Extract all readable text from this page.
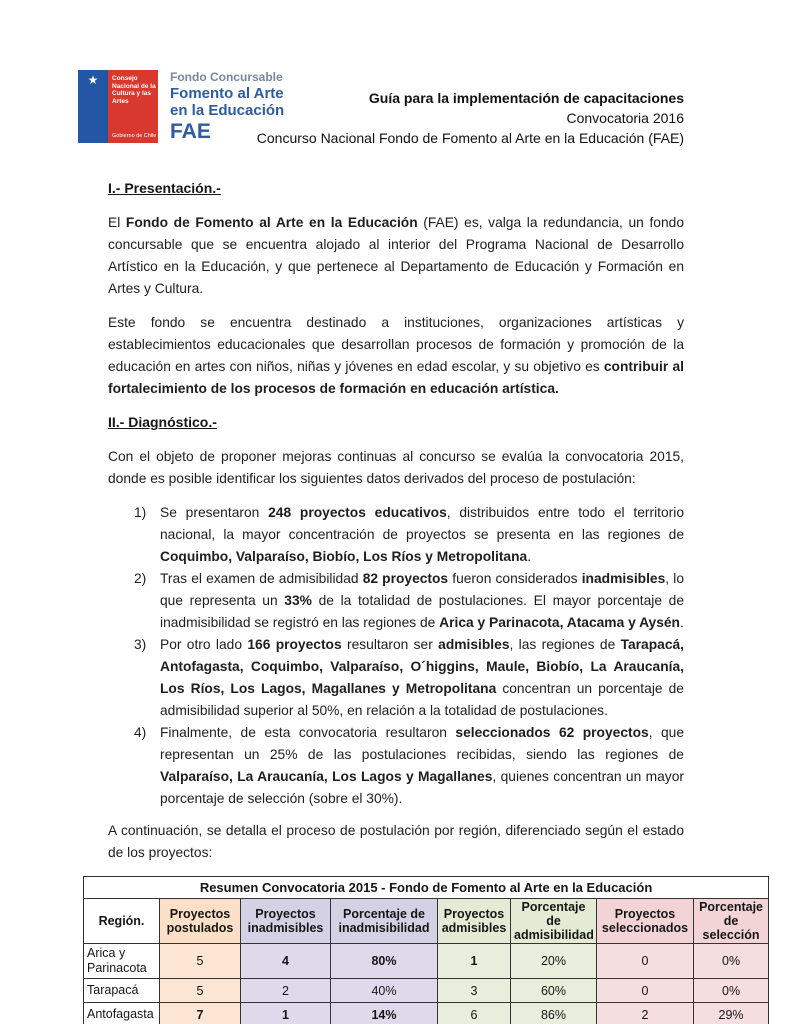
★	Consejo Nacional de la Cultura y las Artes
Gobierno de Chile
Fondo Concursable
Fomento al Arte
en la Educación
FAE
Guía para la implementación de capacitaciones
Convocatoria 2016
Concurso Nacional Fondo de Fomento al Arte en la Educación (FAE)
I.- Presentación.-

El Fondo de Fomento al Arte en la Educación (FAE) es, valga la redundancia, un fondo concursable que se encuentra alojado al interior del Programa Nacional de Desarrollo Artístico en la Educación, y que pertenece al Departamento de Educación y Formación en Artes y Cultura.

Este fondo se encuentra destinado a instituciones, organizaciones artísticas y establecimientos educacionales que desarrollan procesos de formación y promoción de la educación en artes con niños, niñas y jóvenes en edad escolar, y su objetivo es contribuir al fortalecimiento de los procesos de formación en educación artística.

II.- Diagnóstico.-

Con el objeto de proponer mejoras continuas al concurso se evalúa la convocatoria 2015, donde es posible identificar los siguientes datos derivados del proceso de postulación:

1) Se presentaron 248 proyectos educativos, distribuidos entre todo el territorio nacional, la mayor concentración de proyectos se presenta en las regiones de Coquimbo, Valparaíso, Biobío, Los Ríos y Metropolitana.
2) Tras el examen de admisibilidad 82 proyectos fueron considerados inadmisibles, lo que representa un 33% de la totalidad de postulaciones. El mayor porcentaje de inadmisibilidad se registró en las regiones de Arica y Parinacota, Atacama y Aysén.
3) Por otro lado 166 proyectos resultaron ser admisibles, las regiones de Tarapacá, Antofagasta, Coquimbo, Valparaíso, O´higgins, Maule, Biobío, La Araucanía, Los Ríos, Los Lagos, Magallanes y Metropolitana concentran un porcentaje de admisibilidad superior al 50%, en relación a la totalidad de postulaciones.
4) Finalmente, de esta convocatoria resultaron seleccionados 62 proyectos, que representan un 25% de las postulaciones recibidas, siendo las regiones de Valparaíso, La Araucanía, Los Lagos y Magallanes, quienes concentran un mayor porcentaje de selección (sobre el 30%).

A continuación, se detalla el proceso de postulación por región, diferenciado según el estado de los proyectos:

Resumen Convocatoria 2015 - Fondo de Fomento al Arte en la Educación							
Región.	Proyectos postulados	Proyectos inadmisibles	Porcentaje de inadmisibilidad	Proyectos admisibles	Porcentaje de admisibilidad	Proyectos seleccionados	Porcentaje de selección
Arica y Parinacota	5	4	80%	1	20%	0	0%
Tarapacá	5	2	40%	3	60%	0	0%
Antofagasta	7	1	14%	6	86%	2	29%
